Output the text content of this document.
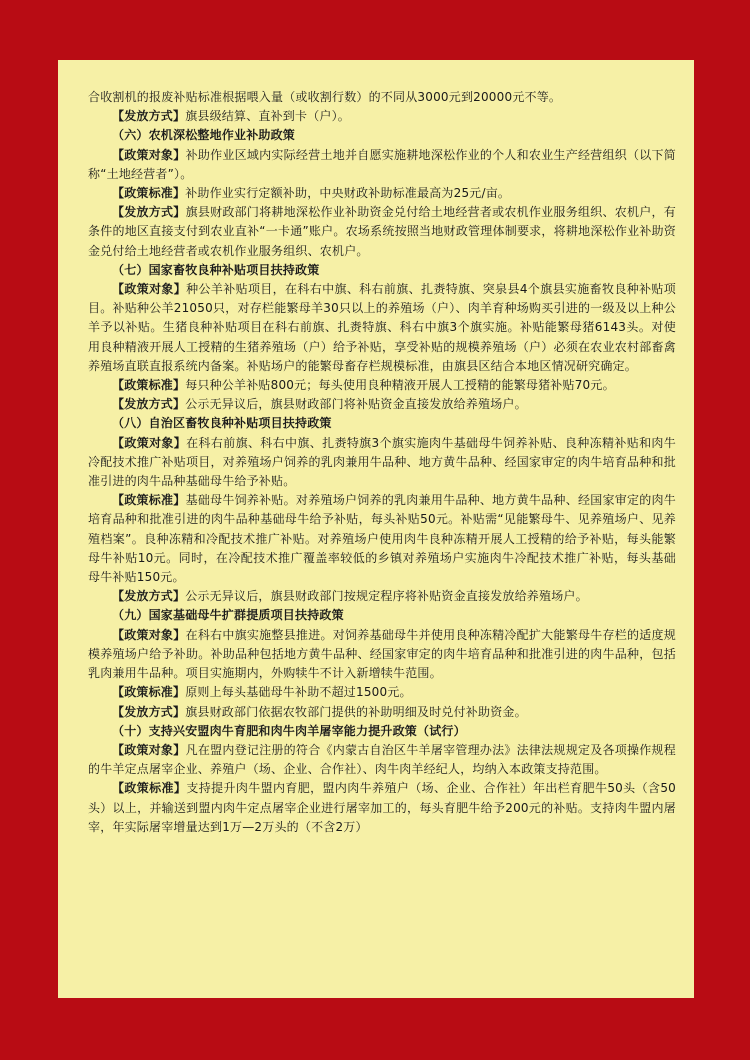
合收割机的报废补贴标准根据喂入量（或收割行数）的不同从3000元到20000元不等。

【发放方式】旗县级结算、直补到卡（户）。

（六）农机深松整地作业补助政策

【政策对象】补助作业区域内实际经营土地并自愿实施耕地深松作业的个人和农业生产经营组织（以下简称“土地经营者”）。

【政策标准】补助作业实行定额补助，中央财政补助标准最高为25元/亩。

【发放方式】旗县财政部门将耕地深松作业补助资金兑付给土地经营者或农机作业服务组织、农机户，有条件的地区直接支付到农业直补“一卡通”账户。农场系统按照当地财政管理体制要求，将耕地深松作业补助资金兑付给土地经营者或农机作业服务组织、农机户。

（七）国家畜牧良种补贴项目扶持政策

【政策对象】种公羊补贴项目，在科右中旗、科右前旗、扎赉特旗、突泉县4个旗县实施畜牧良种补贴项目。补贴种公羊21050只，对存栏能繁母羊30只以上的养殖场（户）、肉羊育种场购买引进的一级及以上种公羊予以补贴。生猪良种补贴项目在科右前旗、扎赉特旗、科右中旗3个旗实施。补贴能繁母猪6143头。对使用良种精液开展人工授精的生猪养殖场（户）给予补贴，享受补贴的规模养殖场（户）必须在农业农村部畜禽养殖场直联直报系统内备案。补贴场户的能繁母畜存栏规模标准，由旗县区结合本地区情况研究确定。

【政策标准】每只种公羊补贴800元；每头使用良种精液开展人工授精的能繁母猪补贴70元。

【发放方式】公示无异议后，旗县财政部门将补贴资金直接发放给养殖场户。

（八）自治区畜牧良种补贴项目扶持政策

【政策对象】在科右前旗、科右中旗、扎赉特旗3个旗实施肉牛基础母牛饲养补贴、良种冻精补贴和肉牛冷配技术推广补贴项目，对养殖场户饲养的乳肉兼用牛品种、地方黄牛品种、经国家审定的肉牛培育品种和批准引进的肉牛品种基础母牛给予补贴。

【政策标准】基础母牛饲养补贴。对养殖场户饲养的乳肉兼用牛品种、地方黄牛品种、经国家审定的肉牛培育品种和批准引进的肉牛品种基础母牛给予补贴，每头补贴50元。补贴需“见能繁母牛、见养殖场户、见养殖档案”。良种冻精和冷配技术推广补贴。对养殖场户使用肉牛良种冻精开展人工授精的给予补贴，每头能繁母牛补贴10元。同时，在冷配技术推广覆盖率较低的乡镇对养殖场户实施肉牛冷配技术推广补贴，每头基础母牛补贴150元。

【发放方式】公示无异议后，旗县财政部门按规定程序将补贴资金直接发放给养殖场户。

（九）国家基础母牛扩群提质项目扶持政策

【政策对象】在科右中旗实施整县推进。对饲养基础母牛并使用良种冻精冷配扩大能繁母牛存栏的适度规模养殖场户给予补助。补助品种包括地方黄牛品种、经国家审定的肉牛培育品种和批准引进的肉牛品种，包括乳肉兼用牛品种。项目实施期内，外购犊牛不计入新增犊牛范围。

【政策标准】原则上每头基础母牛补助不超过1500元。

【发放方式】旗县财政部门依据农牧部门提供的补助明细及时兑付补助资金。

（十）支持兴安盟肉牛育肥和肉牛肉羊屠宰能力提升政策（试行）

【政策对象】凡在盟内登记注册的符合《内蒙古自治区牛羊屠宰管理办法》法律法规规定及各项操作规程的牛羊定点屠宰企业、养殖户（场、企业、合作社）、肉牛肉羊经纪人，均纳入本政策支持范围。

【政策标准】支持提升肉牛盟内育肥，盟内肉牛养殖户（场、企业、合作社）年出栏育肥牛50头（含50头）以上，并输送到盟内肉牛定点屠宰企业进行屠宰加工的，每头育肥牛给予200元的补贴。支持肉牛盟内屠宰，年实际屠宰增量达到1万—2万头的（不含2万）
